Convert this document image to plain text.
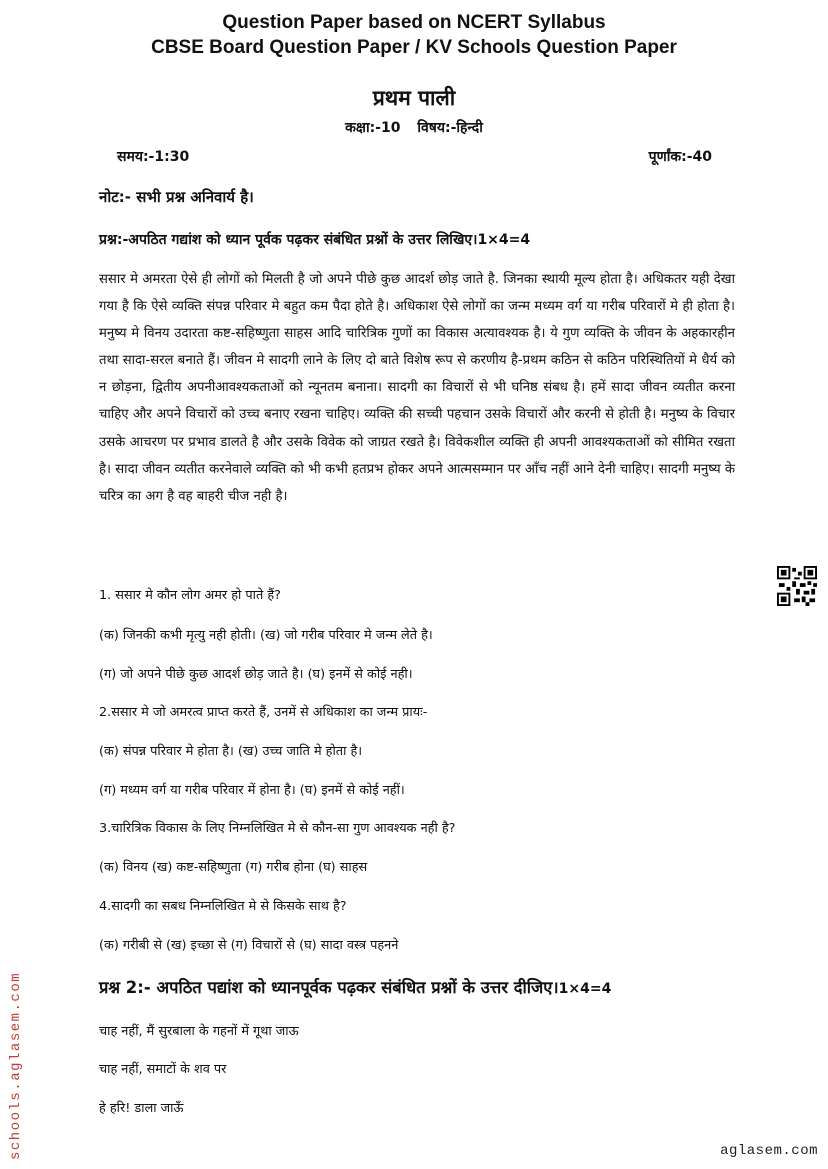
Question Paper based on NCERT Syllabus
CBSE Board Question Paper / KV Schools Question Paper
प्रथम पाली
कक्षा:-10 विषय:-हिन्दी
समय:-1:30	पूर्णांक:-40
नोट:- सभी प्रश्न अनिवार्य है।
प्रश्न:-अपठित गद्यांश को ध्यान पूर्वक पढ़कर संबंधित प्रश्नों के उत्तर लिखिए।1×4=4

ससार मे अमरता ऐसे ही लोगों को मिलती है जो अपने पीछे कुछ आदर्श छोड़ जाते है. जिनका स्थायी मूल्य होता है। अधिकतर यही देखा गया है कि ऐसे व्यक्ति संपन्न परिवार मे बहुत कम पैदा होते है। अधिकाश ऐसे लोगों का जन्म मध्यम वर्ग या गरीब परिवारों मे ही होता है।मनुष्य मे विनय उदारता कष्ट-सहिष्णुता साहस आदि चारित्रिक गुणों का विकास अत्यावश्यक है। ये गुण व्यक्ति के जीवन के अहकारहीन तथा सादा-सरल बनाते हैं। जीवन मे सादगी लाने के लिए दो बाते विशेष रूप से करणीय है-प्रथम कठिन से कठिन परिस्थितियों मे धैर्य को न छोड़ना, द्वितीय अपनीआवश्यकताओं को न्यूनतम बनाना। सादगी का विचारों से भी घनिष्ठ संबध है। हमें सादा जीवन व्यतीत करना चाहिए और अपने विचारों को उच्च बनाए रखना चाहिए। व्यक्ति की सच्ची पहचान उसके विचारों और करनी से होती है। मनुष्य के विचार उसके आचरण पर प्रभाव डालते है और उसके विवेक को जाग्रत रखते है। विवेकशील व्यक्ति ही अपनी आवश्यकताओं को सीमित रखता है। सादा जीवन व्यतीत करनेवाले व्यक्ति को भी कभी हतप्रभ होकर अपने आत्मसम्मान पर आँच नहीं आने देनी चाहिए। सादगी मनुष्य के चरित्र का अग है वह बाहरी चीज नही है।

1. ससार मे कौन लोग अमर हो पाते हैं?
(क) जिनकी कभी मृत्यु नही होती। (ख) जो गरीब परिवार मे जन्म लेते है।
(ग) जो अपने पीछे कुछ आदर्श छोड़ जाते है। (घ) इनमें से कोई नही।
2.ससार मे जो अमरत्व प्राप्त करते हैं, उनमें से अधिकाश का जन्म प्रायः-
(क) संपन्न परिवार मे होता है। (ख) उच्च जाति मे होता है।
(ग) मध्यम वर्ग या गरीब परिवार में होना है। (घ) इनमें से कोई नहीं।
3.चारित्रिक विकास के लिए निम्नलिखित मे से कौन-सा गुण आवश्यक नही है?
(क) विनय (ख) कष्ट-सहिष्णुता (ग) गरीब होना (घ) साहस
4.सादगी का सबध निम्नलिखित मे से किसके साथ है?
(क) गरीबी से (ख) इच्छा से (ग) विचारों से (घ) सादा वस्त्र पहनने
प्रश्न 2:- अपठित पद्यांश को ध्यानपूर्वक पढ़कर संबंधित प्रश्नों के उत्तर दीजिए।1×4=4
चाह नहीं, मैं सुरबाला के गहनों में गूथा जाऊ
चाह नहीं, समाटों के शव पर
हे हरि! डाला जाऊँ
schools.aglasem.com	aglasem.com
